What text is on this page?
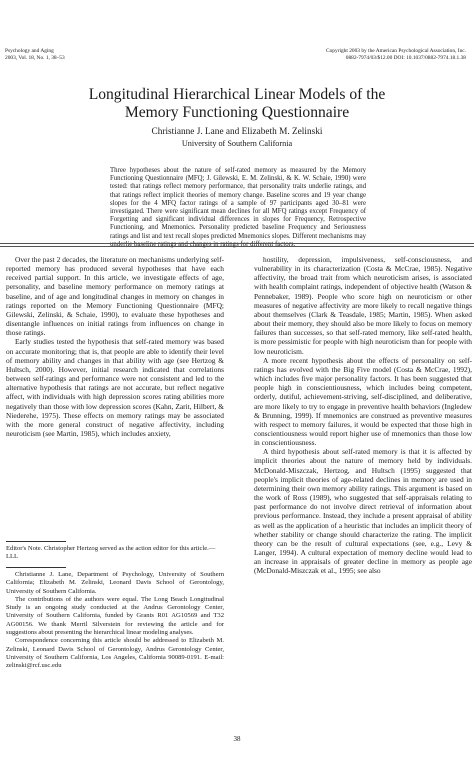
Psychology and Aging
2003, Vol. 18, No. 1, 38–53
Copyright 2003 by the American Psychological Association, Inc.
0882-7974/03/$12.00 DOI: 10.1037/0882-7974.18.1.38
Longitudinal Hierarchical Linear Models of the
Memory Functioning Questionnaire
Christianne J. Lane and Elizabeth M. Zelinski
University of Southern California

Three hypotheses about the nature of self-rated memory as measured by the Memory Functioning Questionnaire (MFQ; J. Gilewski, E. M. Zelinski, & K. W. Schaie, 1990) were tested: that ratings reflect memory performance, that personality traits underlie ratings, and that ratings reflect implicit theories of memory change. Baseline scores and 19 year change slopes for the 4 MFQ factor ratings of a sample of 97 participants aged 30–81 were investigated. There were significant mean declines for all MFQ ratings except Frequency of Forgetting and significant individual differences in slopes for Frequency, Retrospective Functioning, and Mnemonics. Personality predicted baseline Frequency and Seriousness ratings and list and text recall slopes predicted Mnemonics slopes. Different mechanisms may underlie baseline ratings and changes in ratings for different factors.

Over the past 2 decades, the literature on mechanisms underlying self-reported memory has produced several hypotheses that have each received partial support. In this article, we investigate effects of age, personality, and baseline memory performance on memory ratings at baseline, and of age and longitudinal changes in memory on changes in ratings reported on the Memory Functioning Questionnaire (MFQ; Gilewski, Zelinski, & Schaie, 1990), to evaluate these hypotheses and disentangle influences on initial ratings from influences on change in those ratings.

Early studies tested the hypothesis that self-rated memory was based on accurate monitoring; that is, that people are able to identify their level of memory ability and changes in that ability with age (see Hertzog & Hultsch, 2000). However, initial research indicated that correlations between self-ratings and performance were not consistent and led to the alternative hypothesis that ratings are not accurate, but reflect negative affect, with individuals with high depression scores rating abilities more negatively than those with low depression scores (Kahn, Zarit, Hilbert, & Niederehe, 1975). These effects on memory ratings may be associated with the more general construct of negative affectivity, including neuroticism (see Martin, 1985), which includes anxiety,

Editor's Note. Christopher Hertzog served as the action editor for this article.—LLL

Christianne J. Lane, Department of Psychology, University of Southern California; Elizabeth M. Zelinski, Leonard Davis School of Gerontology, University of Southern California.

The contributions of the authors were equal. The Long Beach Longitudinal Study is an ongoing study conducted at the Andrus Gerontology Center, University of Southern California, funded by Grants R01 AG10569 and T32 AG00156. We thank Merril Silverstein for reviewing the article and for suggestions about presenting the hierarchical linear modeling analyses.

Correspondence concerning this article should be addressed to Elizabeth M. Zelinski, Leonard Davis School of Gerontology, Andrus Gerontology Center, University of Southern California, Los Angeles, California 90089-0191. E-mail: zelinski@rcf.usc.edu

hostility, depression, impulsiveness, self-consciousness, and vulnerability in its characterization (Costa & McCrae, 1985). Negative affectivity, the broad trait from which neuroticism arises, is associated with health complaint ratings, independent of objective health (Watson & Pennebaker, 1989). People who score high on neuroticism or other measures of negative affectivity are more likely to recall negative things about themselves (Clark & Teasdale, 1985; Martin, 1985). When asked about their memory, they should also be more likely to focus on memory failures than successes, so that self-rated memory, like self-rated health, is more pessimistic for people with high neuroticism than for people with low neuroticism.

A more recent hypothesis about the effects of personality on self-ratings has evolved with the Big Five model (Costa & McCrae, 1992), which includes five major personality factors. It has been suggested that people high in conscientiousness, which includes being competent, orderly, dutiful, achievement-striving, self-disciplined, and deliberative, are more likely to try to engage in preventive health behaviors (Ingledew & Brunning, 1999). If mnemonics are construed as preventive measures with respect to memory failures, it would be expected that those high in conscientiousness would report higher use of mnemonics than those low in conscientiousness.

A third hypothesis about self-rated memory is that it is affected by implicit theories about the nature of memory held by individuals. McDonald-Miszczak, Hertzog, and Hultsch (1995) suggested that people's implicit theories of age-related declines in memory are used in determining their own memory ability ratings. This argument is based on the work of Ross (1989), who suggested that self-appraisals relating to past performance do not involve direct retrieval of information about previous performance. Instead, they include a present appraisal of ability as well as the application of a heuristic that includes an implicit theory of whether stability or change should characterize the rating. The implicit theory can be the result of cultural expectations (see, e.g., Levy & Langer, 1994). A cultural expectation of memory decline would lead to an increase in appraisals of greater decline in memory as people age (McDonald-Miszczak et al., 1995; see also

38
